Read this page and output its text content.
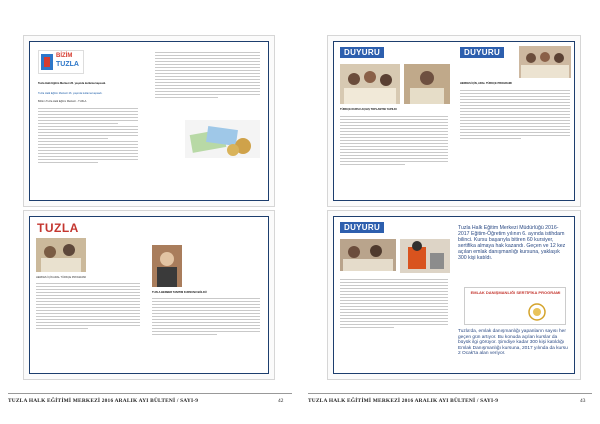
BİZİM
TUZLA
Tuzla Halk Eğitim Merkezi 26. yaşında kutlama kapsadı.
Tuzla Halk Eğitim Merkezi 26. yaşında kutlama kapsadı.
Bölüm Tuzla Halk Eğitim Merkezi - TUZLA
TUZLA
HERKES İÇİN ARAL TÜRKÇE PROGRAMI
TUZLA BERBER TANITIM KURSUNU BÖLDÜ
TUZLA HALK EĞİTİMİ MERKEZİ 2016 ARALIK AYI BÜLTENİ / SAYI-9	42
DUYURU
TÜRKÇE KURSU AÇILIŞ TOPLANTISI YAPILDI
DUYURU
HERKES İÇİN, ARAL TÜRKÇE PROGRAMI
DUYURU	Tuzla Halk Eğitim Merkezi Müdürlüğü 2016-2017 Eğitim-Öğretim yılının 6. ayında istihdam bilinci. Kursu başarıyla bitiren 60 kursiyer, sertifika almaya hak kazandı. Geçen ve 12 kez açılan emlak danışmanlığı kursuna, yaklaşık 300 kişi katıldı.
EMLAK DANIŞMANLIĞI SERTİFİKA PROGRAMI
Tuzla'da, emlak danışmanlığı yapanların sayısı her geçen gün artıyor. Bu konuda açılan kurslar da büyük ilgi görüyor. Şimdiye kadar 300 kişi katıldığı Emlak Danışmanlığı kursuna, 2017 yılında da kursu 2 Ocak'ta alan veriyor.
TUZLA HALK EĞİTİMİ MERKEZİ 2016 ARALIK AYI BÜLTENİ / SAYI-9	43
